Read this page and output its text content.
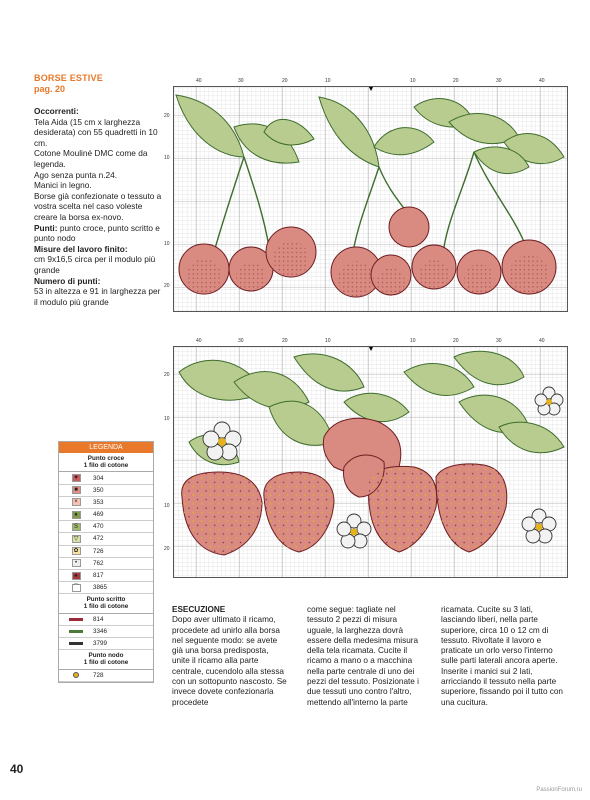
BORSE ESTIVE
pag. 20
Occorrenti:
Tela Aida (15 cm x larghezza desiderata) con 55 quadretti in 10 cm.
Cotone Mouliné DMC come da legenda.
Ago senza punta n.24.
Manici in legno.
Borse già confezionate o tessuto a vostra scelta nel caso voleste creare la borsa ex-novo.
Punti: punto croce, punto scritto e punto nodo
Misure del lavoro finito:
cm 9x16,5 circa per il modulo più grande
Numero di punti:
53 in altezza e 91 in larghezza per il modulo più grande
40	30	20	10	10	20	30	40
20
10
10
20
40	30	20	10	10	20	30	40
20
10
10
20
LEGENDA
Punto croce
1 filo di cotone
♥	304
■	350
×	353
♦	469
S	470
▽	472
✿	726
•	762
♠	817
⌒ 3865
Punto scritto
1 filo di cotone
814
3346
3799
Punto nodo
1 filo di cotone
728
ESECUZIONE
Dopo aver ultimato il ricamo, procedete ad unirlo alla borsa nel seguente modo: se avete già una borsa predisposta, unite il ricamo alla parte centrale, cucendolo alla stessa con un sottopunto nascosto. Se invece dovete confezionarla procedete
come segue: tagliate nel tessuto 2 pezzi di misura uguale, la larghezza dovrà essere della medesima misura della tela ricamata. Cucite il ricamo a mano o a macchina nella parte centrale di uno dei pezzi del tessuto. Posizionate i due tessuti uno contro l'altro, mettendo all'interno la parte
ricamata. Cucite su 3 lati, lasciando liberi, nella parte superiore, circa 10 o 12 cm di tessuto. Rivoltate il lavoro e praticate un orlo verso l'interno sulle parti laterali ancora aperte. Inserite i manici sui 2 lati, arricciando il tessuto nella parte superiore, fissando poi il tutto con una cucitura.
40
PassionForum.ru
